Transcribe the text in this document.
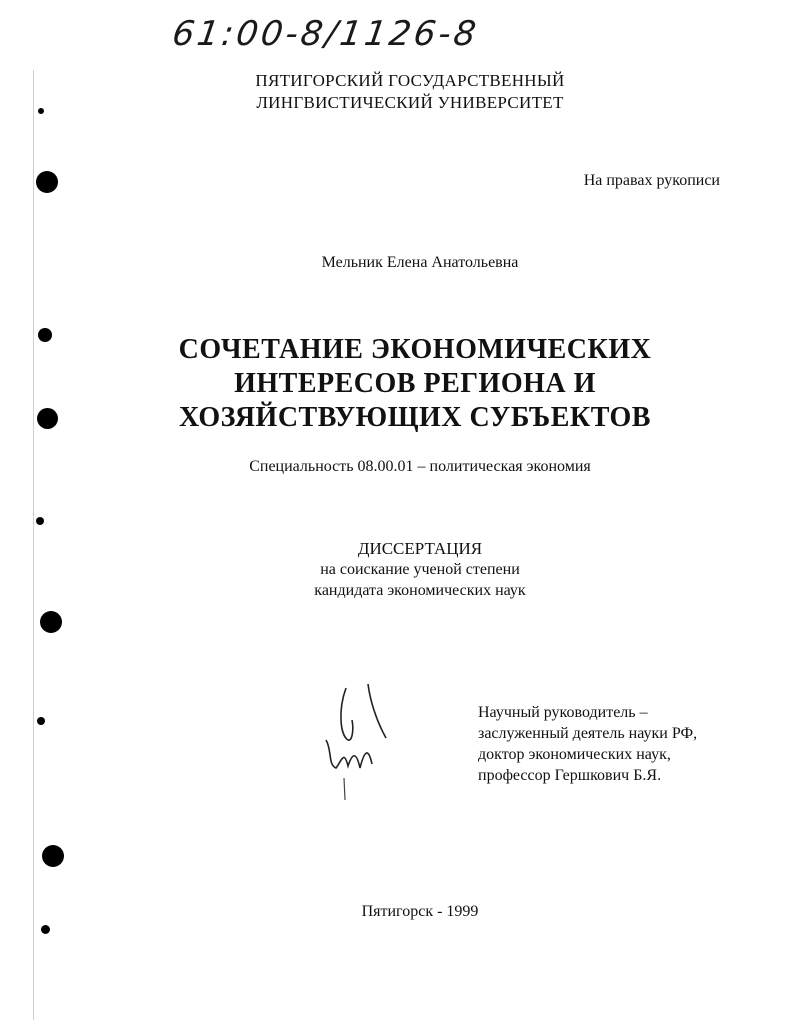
61:00-8/1126-8
ПЯТИГОРСКИЙ ГОСУДАРСТВЕННЫЙ
ЛИНГВИСТИЧЕСКИЙ УНИВЕРСИТЕТ
На правах рукописи
Мельник Елена Анатольевна
СОЧЕТАНИЕ ЭКОНОМИЧЕСКИХ
ИНТЕРЕСОВ РЕГИОНА И
ХОЗЯЙСТВУЮЩИХ СУБЪЕКТОВ
Специальность 08.00.01 – политическая экономия
ДИССЕРТАЦИЯ
на соискание ученой степени
кандидата экономических наук
Научный руководитель –
заслуженный деятель науки РФ,
доктор экономических наук,
профессор Гершкович Б.Я.
Пятигорск - 1999
